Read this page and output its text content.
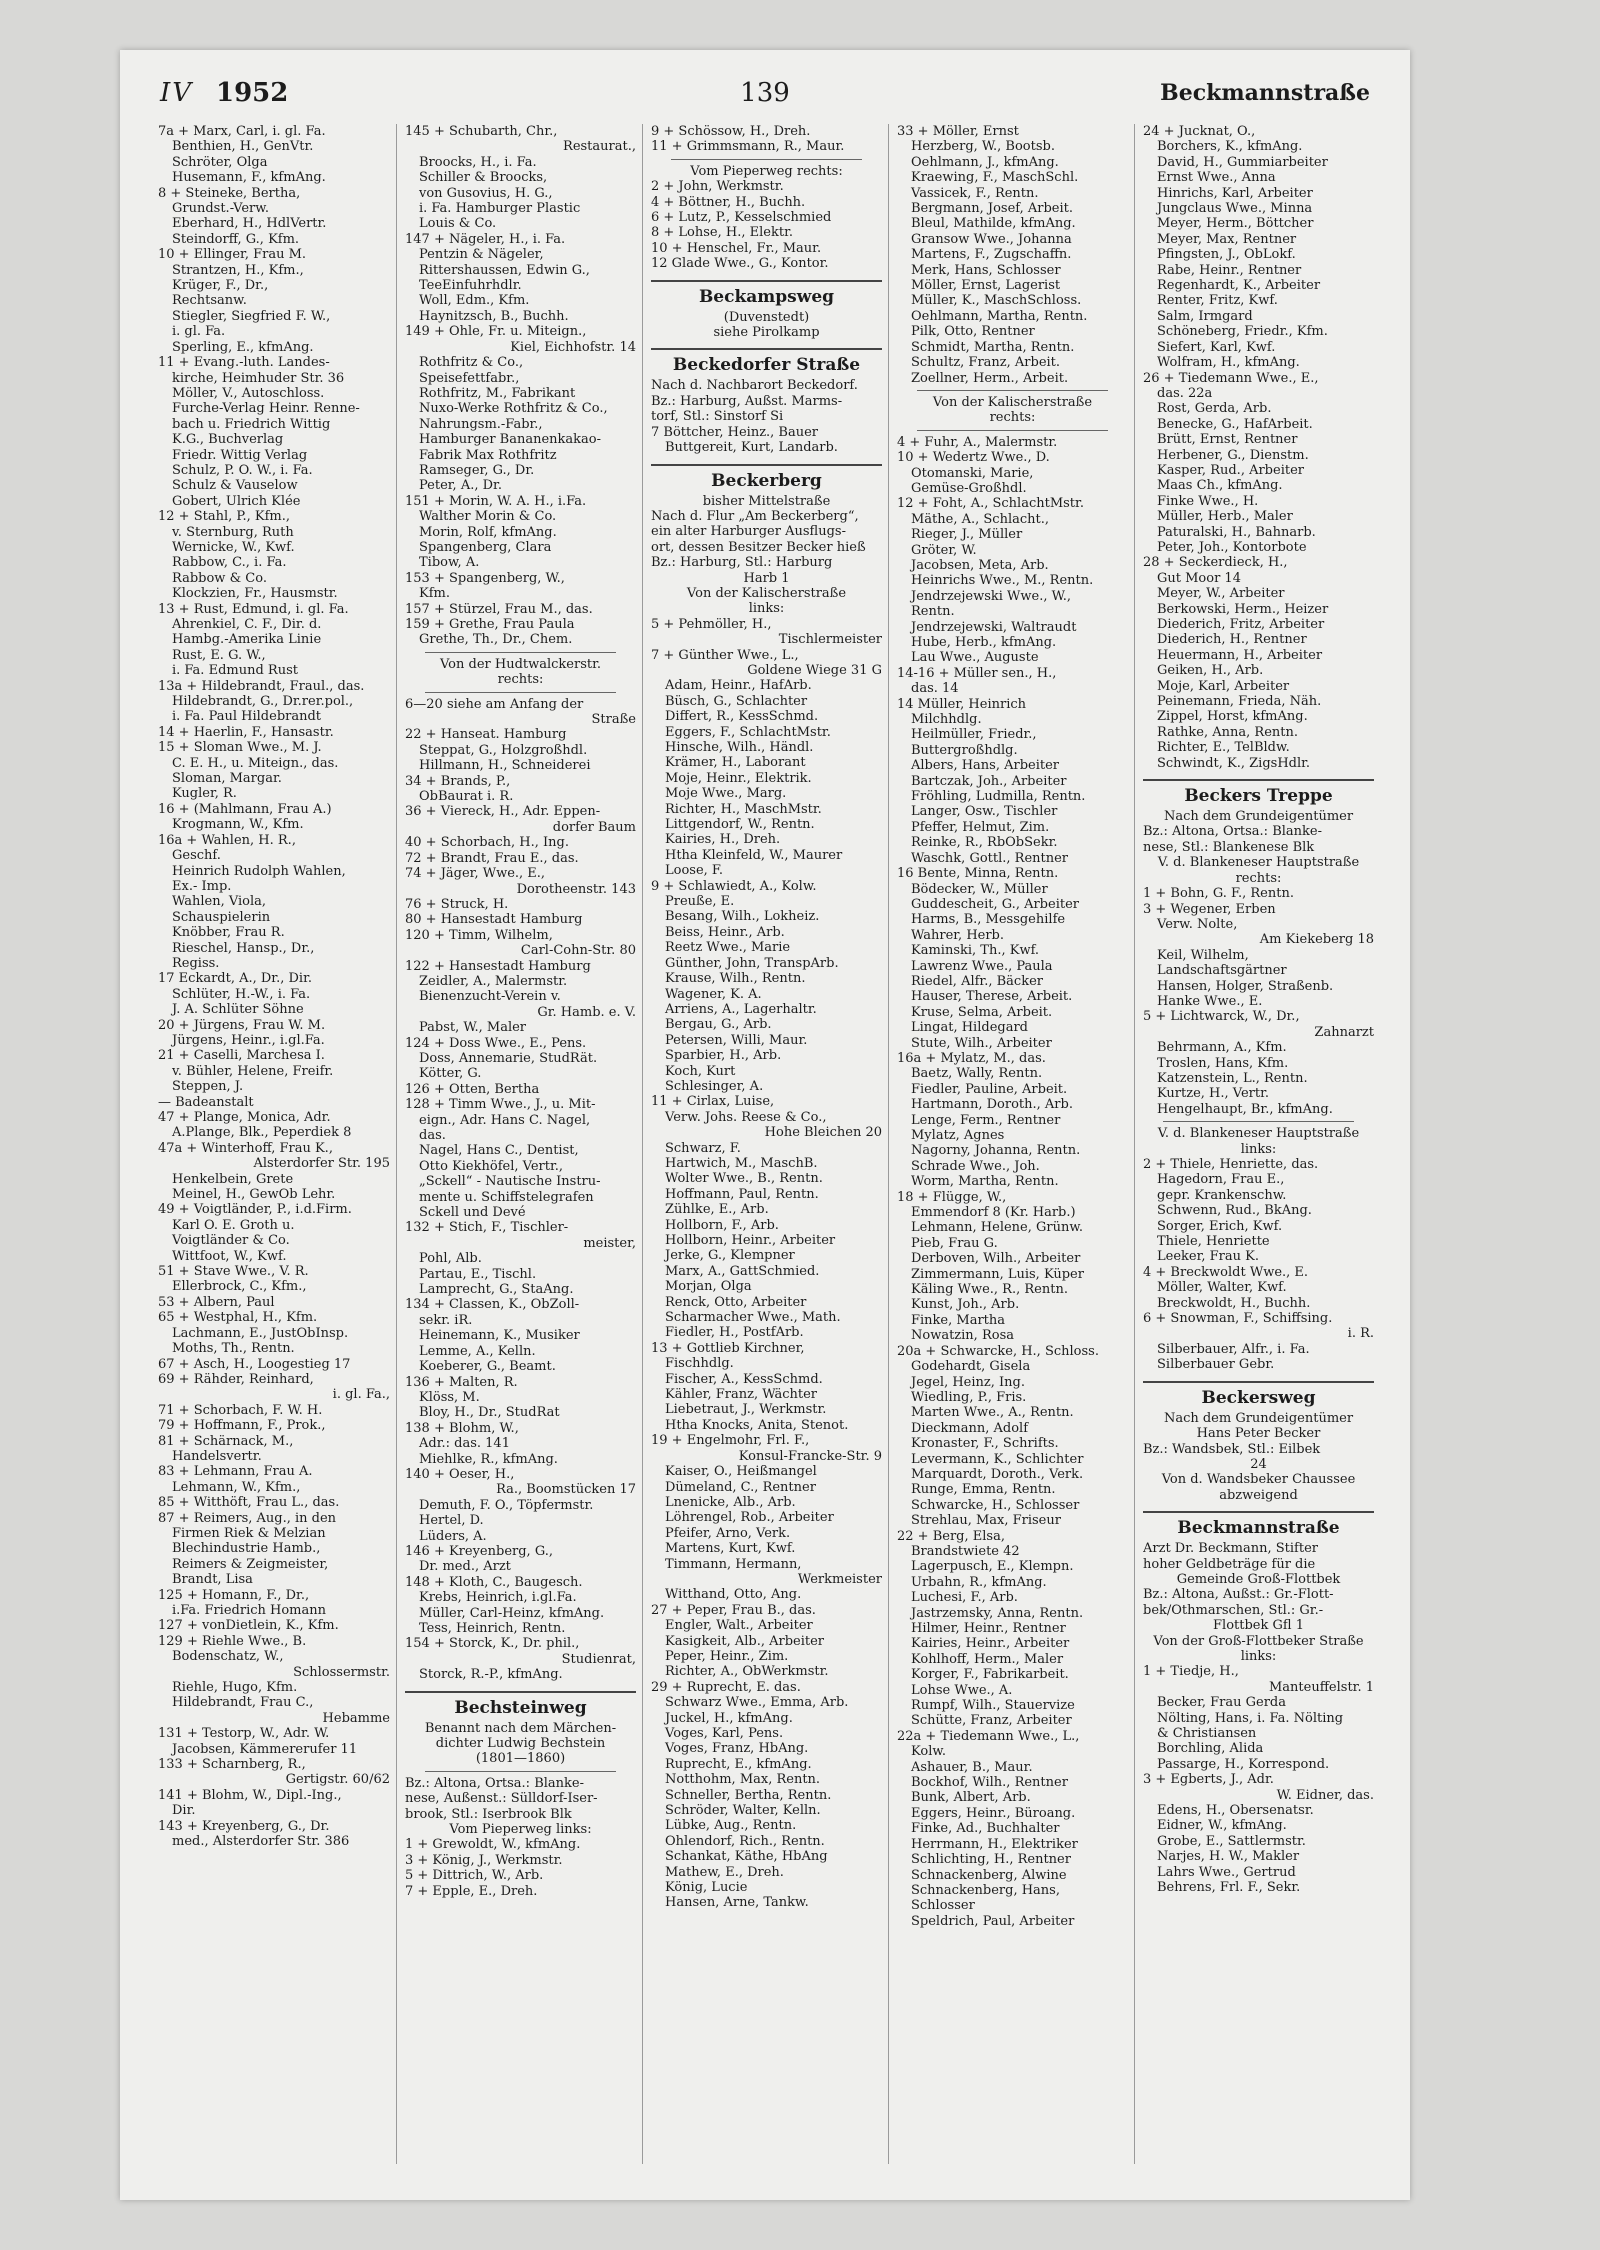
IV 1952	139	Beckmannstraße
7a + Marx, Carl, i. gl. Fa.
Benthien, H., GenVtr.
Schröter, Olga
Husemann, F., kfmAng.
8 + Steineke, Bertha,
Grundst.-Verw.
Eberhard, H., HdlVertr.
Steindorff, G., Kfm.
10 + Ellinger, Frau M.
Strantzen, H., Kfm.,
Krüger, F., Dr.,
Rechtsanw.
Stiegler, Siegfried F. W.,
i. gl. Fa.
Sperling, E., kfmAng.
11 + Evang.-luth. Landes-
kirche, Heimhuder Str. 36
Möller, V., Autoschloss.
Furche-Verlag Heinr. Renne-
bach u. Friedrich Wittig
K.G., Buchverlag
Friedr. Wittig Verlag
Schulz, P. O. W., i. Fa.
Schulz & Vauselow
Gobert, Ulrich Klée
12 + Stahl, P., Kfm.,
v. Sternburg, Ruth
Wernicke, W., Kwf.
Rabbow, C., i. Fa.
Rabbow & Co.
Klockzien, Fr., Hausmstr.
13 + Rust, Edmund, i. gl. Fa.
Ahrenkiel, C. F., Dir. d.
Hambg.-Amerika Linie
Rust, E. G. W.,
i. Fa. Edmund Rust
13a + Hildebrandt, Fraul., das.
Hildebrandt, G., Dr.rer.pol.,
i. Fa. Paul Hildebrandt
14 + Haerlin, F., Hansastr.
15 + Sloman Wwe., M. J.
C. E. H., u. Miteign., das.
Sloman, Margar.
Kugler, R.
16 + (Mahlmann, Frau A.)
Krogmann, W., Kfm.
16a + Wahlen, H. R.,
Geschf.
Heinrich Rudolph Wahlen,
Ex.- Imp.
Wahlen, Viola,
Schauspielerin
Knöbber, Frau R.
Rieschel, Hansp., Dr.,
Regiss.
17 Eckardt, A., Dr., Dir.
Schlüter, H.-W., i. Fa.
J. A. Schlüter Söhne
20 + Jürgens, Frau W. M.
Jürgens, Heinr., i.gl.Fa.
21 + Caselli, Marchesa I.
v. Bühler, Helene, Freifr.
Steppen, J.
— Badeanstalt
47 + Plange, Monica, Adr.
A.Plange, Blk., Peperdiek 8
47a + Winterhoff, Frau K.,
Alsterdorfer Str. 195
Henkelbein, Grete
Meinel, H., GewOb Lehr.
49 + Voigtländer, P., i.d.Firm.
Karl O. E. Groth u.
Voigtländer & Co.
Wittfoot, W., Kwf.
51 + Stave Wwe., V. R.
Ellerbrock, C., Kfm.,
53 + Albern, Paul
65 + Westphal, H., Kfm.
Lachmann, E., JustObInsp.
Moths, Th., Rentn.
67 + Asch, H., Loogestieg 17
69 + Rähder, Reinhard,
i. gl. Fa.,
71 + Schorbach, F. W. H.
79 + Hoffmann, F., Prok.,
81 + Schärnack, M.,
Handelsvertr.
83 + Lehmann, Frau A.
Lehmann, W., Kfm.,
85 + Witthöft, Frau L., das.
87 + Reimers, Aug., in den
Firmen Riek & Melzian
Blechindustrie Hamb.,
Reimers & Zeigmeister,
Brandt, Lisa
125 + Homann, F., Dr.,
i.Fa. Friedrich Homann
127 + vonDietlein, K., Kfm.
129 + Riehle Wwe., B.
Bodenschatz, W.,
Schlossermstr.
Riehle, Hugo, Kfm.
Hildebrandt, Frau C.,
Hebamme
131 + Testorp, W., Adr. W.
Jacobsen, Kämmererufer 11
133 + Scharnberg, R.,
Gertigstr. 60/62
141 + Blohm, W., Dipl.-Ing.,
Dir.
143 + Kreyenberg, G., Dr.
med., Alsterdorfer Str. 386
145 + Schubarth, Chr.,
Restaurat.,
Broocks, H., i. Fa.
Schiller & Broocks,
von Gusovius, H. G.,
i. Fa. Hamburger Plastic
Louis & Co.
147 + Nägeler, H., i. Fa.
Pentzin & Nägeler,
Rittershaussen, Edwin G.,
TeeEinfuhrhdlr.
Woll, Edm., Kfm.
Haynitzsch, B., Buchh.
149 + Ohle, Fr. u. Miteign.,
Kiel, Eichhofstr. 14
Rothfritz & Co.,
Speisefettfabr.,
Rothfritz, M., Fabrikant
Nuxo-Werke Rothfritz & Co.,
Nahrungsm.-Fabr.,
Hamburger Bananenkakao-
Fabrik Max Rothfritz
Ramseger, G., Dr.
Peter, A., Dr.
151 + Morin, W. A. H., i.Fa.
Walther Morin & Co.
Morin, Rolf, kfmAng.
Spangenberg, Clara
Tibow, A.
153 + Spangenberg, W.,
Kfm.
157 + Stürzel, Frau M., das.
159 + Grethe, Frau Paula
Grethe, Th., Dr., Chem.
Von der Hudtwalckerstr.
rechts:
6—20 siehe am Anfang der
Straße
22 + Hanseat. Hamburg
Steppat, G., Holzgroßhdl.
Hillmann, H., Schneiderei
34 + Brands, P.,
ObBaurat i. R.
36 + Viereck, H., Adr. Eppen-
dorfer Baum
40 + Schorbach, H., Ing.
72 + Brandt, Frau E., das.
74 + Jäger, Wwe., E.,
Dorotheenstr. 143
76 + Struck, H.
80 + Hansestadt Hamburg
120 + Timm, Wilhelm,
Carl-Cohn-Str. 80
122 + Hansestadt Hamburg
Zeidler, A., Malermstr.
Bienenzucht-Verein v.
Gr. Hamb. e. V.
Pabst, W., Maler
124 + Doss Wwe., E., Pens.
Doss, Annemarie, StudRät.
Kötter, G.
126 + Otten, Bertha
128 + Timm Wwe., J., u. Mit-
eign., Adr. Hans C. Nagel,
das.
Nagel, Hans C., Dentist,
Otto Kiekhöfel, Vertr.,
„Sckell“ - Nautische Instru-
mente u. Schiffstelegrafen
Sckell und Devé
132 + Stich, F., Tischler-
meister,
Pohl, Alb.
Partau, E., Tischl.
Lamprecht, G., StaAng.
134 + Classen, K., ObZoll-
sekr. iR.
Heinemann, K., Musiker
Lemme, A., Kelln.
Koeberer, G., Beamt.
136 + Malten, R.
Klöss, M.
Bloy, H., Dr., StudRat
138 + Blohm, W.,
Adr.: das. 141
Miehlke, R., kfmAng.
140 + Oeser, H.,
Ra., Boomstücken 17
Demuth, F. O., Töpfermstr.
Hertel, D.
Lüders, A.
146 + Kreyenberg, G.,
Dr. med., Arzt
148 + Kloth, C., Baugesch.
Krebs, Heinrich, i.gl.Fa.
Müller, Carl-Heinz, kfmAng.
Tess, Heinrich, Rentn.
154 + Storck, K., Dr. phil.,
Studienrat,
Storck, R.-P., kfmAng.
Bechsteinweg
Benannt nach dem Märchen-
dichter Ludwig Bechstein
(1801—1860)
Bz.: Altona, Ortsa.: Blanke-
nese, Außenst.: Sülldorf-Iser-
brook, Stl.: Iserbrook Blk
Vom Pieperweg links:
1 + Grewoldt, W., kfmAng.
3 + König, J., Werkmstr.
5 + Dittrich, W., Arb.
7 + Epple, E., Dreh.
9 + Schössow, H., Dreh.
11 + Grimmsmann, R., Maur.
Vom Pieperweg rechts:
2 + John, Werkmstr.
4 + Böttner, H., Buchh.
6 + Lutz, P., Kesselschmied
8 + Lohse, H., Elektr.
10 + Henschel, Fr., Maur.
12 Glade Wwe., G., Kontor.
Beckampsweg
(Duvenstedt)
siehe Pirolkamp
Beckedorfer Straße
Nach d. Nachbarort Beckedorf.
Bz.: Harburg, Außst. Marms-
torf, Stl.: Sinstorf Si
7 Böttcher, Heinz., Bauer
Buttgereit, Kurt, Landarb.
Beckerberg
bisher Mittelstraße
Nach d. Flur „Am Beckerberg“,
ein alter Harburger Ausflugs-
ort, dessen Besitzer Becker hieß
Bz.: Harburg, Stl.: Harburg
Harb 1
Von der Kalischerstraße
links:
5 + Pehmöller, H.,
Tischlermeister
7 + Günther Wwe., L.,
Goldene Wiege 31 G
Adam, Heinr., HafArb.
Büsch, G., Schlachter
Differt, R., KessSchmd.
Eggers, F., SchlachtMstr.
Hinsche, Wilh., Händl.
Krämer, H., Laborant
Moje, Heinr., Elektrik.
Moje Wwe., Marg.
Richter, H., MaschMstr.
Littgendorf, W., Rentn.
Kairies, H., Dreh.
Htha Kleinfeld, W., Maurer
Loose, F.
9 + Schlawiedt, A., Kolw.
Preuße, E.
Besang, Wilh., Lokheiz.
Beiss, Heinr., Arb.
Reetz Wwe., Marie
Günther, John, TranspArb.
Krause, Wilh., Rentn.
Wagener, K. A.
Arriens, A., Lagerhaltr.
Bergau, G., Arb.
Petersen, Willi, Maur.
Sparbier, H., Arb.
Koch, Kurt
Schlesinger, A.
11 + Cirlax, Luise,
Verw. Johs. Reese & Co.,
Hohe Bleichen 20
Schwarz, F.
Hartwich, M., MaschB.
Wolter Wwe., B., Rentn.
Hoffmann, Paul, Rentn.
Zühlke, E., Arb.
Hollborn, F., Arb.
Hollborn, Heinr., Arbeiter
Jerke, G., Klempner
Marx, A., GattSchmied.
Morjan, Olga
Renck, Otto, Arbeiter
Scharmacher Wwe., Math.
Fiedler, H., PostfArb.
13 + Gottlieb Kirchner,
Fischhdlg.
Fischer, A., KessSchmd.
Kähler, Franz, Wächter
Liebetraut, J., Werkmstr.
Htha Knocks, Anita, Stenot.
19 + Engelmohr, Frl. F.,
Konsul-Francke-Str. 9
Kaiser, O., Heißmangel
Dümeland, C., Rentner
Lnenicke, Alb., Arb.
Löhrengel, Rob., Arbeiter
Pfeifer, Arno, Verk.
Martens, Kurt, Kwf.
Timmann, Hermann,
Werkmeister
Witthand, Otto, Ang.
27 + Peper, Frau B., das.
Engler, Walt., Arbeiter
Kasigkeit, Alb., Arbeiter
Peper, Heinr., Zim.
Richter, A., ObWerkmstr.
29 + Ruprecht, E. das.
Schwarz Wwe., Emma, Arb.
Juckel, H., kfmAng.
Voges, Karl, Pens.
Voges, Franz, HbAng.
Ruprecht, E., kfmAng.
Notthohm, Max, Rentn.
Schneller, Bertha, Rentn.
Schröder, Walter, Kelln.
Lübke, Aug., Rentn.
Ohlendorf, Rich., Rentn.
Schankat, Käthe, HbAng
Mathew, E., Dreh.
König, Lucie
Hansen, Arne, Tankw.
33 + Möller, Ernst
Herzberg, W., Bootsb.
Oehlmann, J., kfmAng.
Kraewing, F., MaschSchl.
Vassicek, F., Rentn.
Bergmann, Josef, Arbeit.
Bleul, Mathilde, kfmAng.
Gransow Wwe., Johanna
Martens, F., Zugschaffn.
Merk, Hans, Schlosser
Möller, Ernst, Lagerist
Müller, K., MaschSchloss.
Oehlmann, Martha, Rentn.
Pilk, Otto, Rentner
Schmidt, Martha, Rentn.
Schultz, Franz, Arbeit.
Zoellner, Herm., Arbeit.
Von der Kalischerstraße
rechts:
4 + Fuhr, A., Malermstr.
10 + Wedertz Wwe., D.
Otomanski, Marie,
Gemüse-Großhdl.
12 + Foht, A., SchlachtMstr.
Mäthe, A., Schlacht.,
Rieger, J., Müller
Gröter, W.
Jacobsen, Meta, Arb.
Heinrichs Wwe., M., Rentn.
Jendrzejewski Wwe., W.,
Rentn.
Jendrzejewski, Waltraudt
Hube, Herb., kfmAng.
Lau Wwe., Auguste
14-16 + Müller sen., H.,
das. 14
14 Müller, Heinrich
Milchhdlg.
Heilmüller, Friedr.,
Buttergroßhdlg.
Albers, Hans, Arbeiter
Bartczak, Joh., Arbeiter
Fröhling, Ludmilla, Rentn.
Langer, Osw., Tischler
Pfeffer, Helmut, Zim.
Reinke, R., RbObSekr.
Waschk, Gottl., Rentner
16 Bente, Minna, Rentn.
Bödecker, W., Müller
Guddescheit, G., Arbeiter
Harms, B., Messgehilfe
Wahrer, Herb.
Kaminski, Th., Kwf.
Lawrenz Wwe., Paula
Riedel, Alfr., Bäcker
Hauser, Therese, Arbeit.
Kruse, Selma, Arbeit.
Lingat, Hildegard
Stute, Wilh., Arbeiter
16a + Mylatz, M., das.
Baetz, Wally, Rentn.
Fiedler, Pauline, Arbeit.
Hartmann, Doroth., Arb.
Lenge, Ferm., Rentner
Mylatz, Agnes
Nagorny, Johanna, Rentn.
Schrade Wwe., Joh.
Worm, Martha, Rentn.
18 + Flügge, W.,
Emmendorf 8 (Kr. Harb.)
Lehmann, Helene, Grünw.
Pieb, Frau G.
Derboven, Wilh., Arbeiter
Zimmermann, Luis, Küper
Käling Wwe., R., Rentn.
Kunst, Joh., Arb.
Finke, Martha
Nowatzin, Rosa
20a + Schwarcke, H., Schloss.
Godehardt, Gisela
Jegel, Heinz, Ing.
Wiedling, P., Fris.
Marten Wwe., A., Rentn.
Dieckmann, Adolf
Kronaster, F., Schrifts.
Levermann, K., Schlichter
Marquardt, Doroth., Verk.
Runge, Emma, Rentn.
Schwarcke, H., Schlosser
Strehlau, Max, Friseur
22 + Berg, Elsa,
Brandstwiete 42
Lagerpusch, E., Klempn.
Urbahn, R., kfmAng.
Luchesi, F., Arb.
Jastrzemsky, Anna, Rentn.
Hilmer, Heinr., Rentner
Kairies, Heinr., Arbeiter
Kohlhoff, Herm., Maler
Korger, F., Fabrikarbeit.
Lohse Wwe., A.
Rumpf, Wilh., Stauervize
Schütte, Franz, Arbeiter
22a + Tiedemann Wwe., L.,
Kolw.
Ashauer, B., Maur.
Bockhof, Wilh., Rentner
Bunk, Albert, Arb.
Eggers, Heinr., Büroang.
Finke, Ad., Buchhalter
Herrmann, H., Elektriker
Schlichting, H., Rentner
Schnackenberg, Alwine
Schnackenberg, Hans,
Schlosser
Speldrich, Paul, Arbeiter
24 + Jucknat, O.,
Borchers, K., kfmAng.
David, H., Gummiarbeiter
Ernst Wwe., Anna
Hinrichs, Karl, Arbeiter
Jungclaus Wwe., Minna
Meyer, Herm., Böttcher
Meyer, Max, Rentner
Pfingsten, J., ObLokf.
Rabe, Heinr., Rentner
Regenhardt, K., Arbeiter
Renter, Fritz, Kwf.
Salm, Irmgard
Schöneberg, Friedr., Kfm.
Siefert, Karl, Kwf.
Wolfram, H., kfmAng.
26 + Tiedemann Wwe., E.,
das. 22a
Rost, Gerda, Arb.
Benecke, G., HafArbeit.
Brütt, Ernst, Rentner
Herbener, G., Dienstm.
Kasper, Rud., Arbeiter
Maas Ch., kfmAng.
Finke Wwe., H.
Müller, Herb., Maler
Paturalski, H., Bahnarb.
Peter, Joh., Kontorbote
28 + Seckerdieck, H.,
Gut Moor 14
Meyer, W., Arbeiter
Berkowski, Herm., Heizer
Diederich, Fritz, Arbeiter
Diederich, H., Rentner
Heuermann, H., Arbeiter
Geiken, H., Arb.
Moje, Karl, Arbeiter
Peinemann, Frieda, Näh.
Zippel, Horst, kfmAng.
Rathke, Anna, Rentn.
Richter, E., TelBldw.
Schwindt, K., ZigsHdlr.
Beckers Treppe
Nach dem Grundeigentümer
Bz.: Altona, Ortsa.: Blanke-
nese, Stl.: Blankenese Blk
V. d. Blankeneser Hauptstraße
rechts:
1 + Bohn, G. F., Rentn.
3 + Wegener, Erben
Verw. Nolte,
Am Kiekeberg 18
Keil, Wilhelm,
Landschaftsgärtner
Hansen, Holger, Straßenb.
Hanke Wwe., E.
5 + Lichtwarck, W., Dr.,
Zahnarzt
Behrmann, A., Kfm.
Troslen, Hans, Kfm.
Katzenstein, L., Rentn.
Kurtze, H., Vertr.
Hengelhaupt, Br., kfmAng.
V. d. Blankeneser Hauptstraße
links:
2 + Thiele, Henriette, das.
Hagedorn, Frau E.,
gepr. Krankenschw.
Schwenn, Rud., BkAng.
Sorger, Erich, Kwf.
Thiele, Henriette
Leeker, Frau K.
4 + Breckwoldt Wwe., E.
Möller, Walter, Kwf.
Breckwoldt, H., Buchh.
6 + Snowman, F., Schiffsing.
i. R.
Silberbauer, Alfr., i. Fa.
Silberbauer Gebr.
Beckersweg
Nach dem Grundeigentümer
Hans Peter Becker
Bz.: Wandsbek, Stl.: Eilbek
24
Von d. Wandsbeker Chaussee
abzweigend
Beckmannstraße
Arzt Dr. Beckmann, Stifter
hoher Geldbeträge für die
Gemeinde Groß-Flottbek
Bz.: Altona, Außst.: Gr.-Flott-
bek/Othmarschen, Stl.: Gr.-
Flottbek Gfl 1
Von der Groß-Flottbeker Straße
links:
1 + Tiedje, H.,
Manteuffelstr. 1
Becker, Frau Gerda
Nölting, Hans, i. Fa. Nölting
& Christiansen
Borchling, Alida
Passarge, H., Korrespond.
3 + Egberts, J., Adr.
W. Eidner, das.
Edens, H., Obersenatsr.
Eidner, W., kfmAng.
Grobe, E., Sattlermstr.
Narjes, H. W., Makler
Lahrs Wwe., Gertrud
Behrens, Frl. F., Sekr.
